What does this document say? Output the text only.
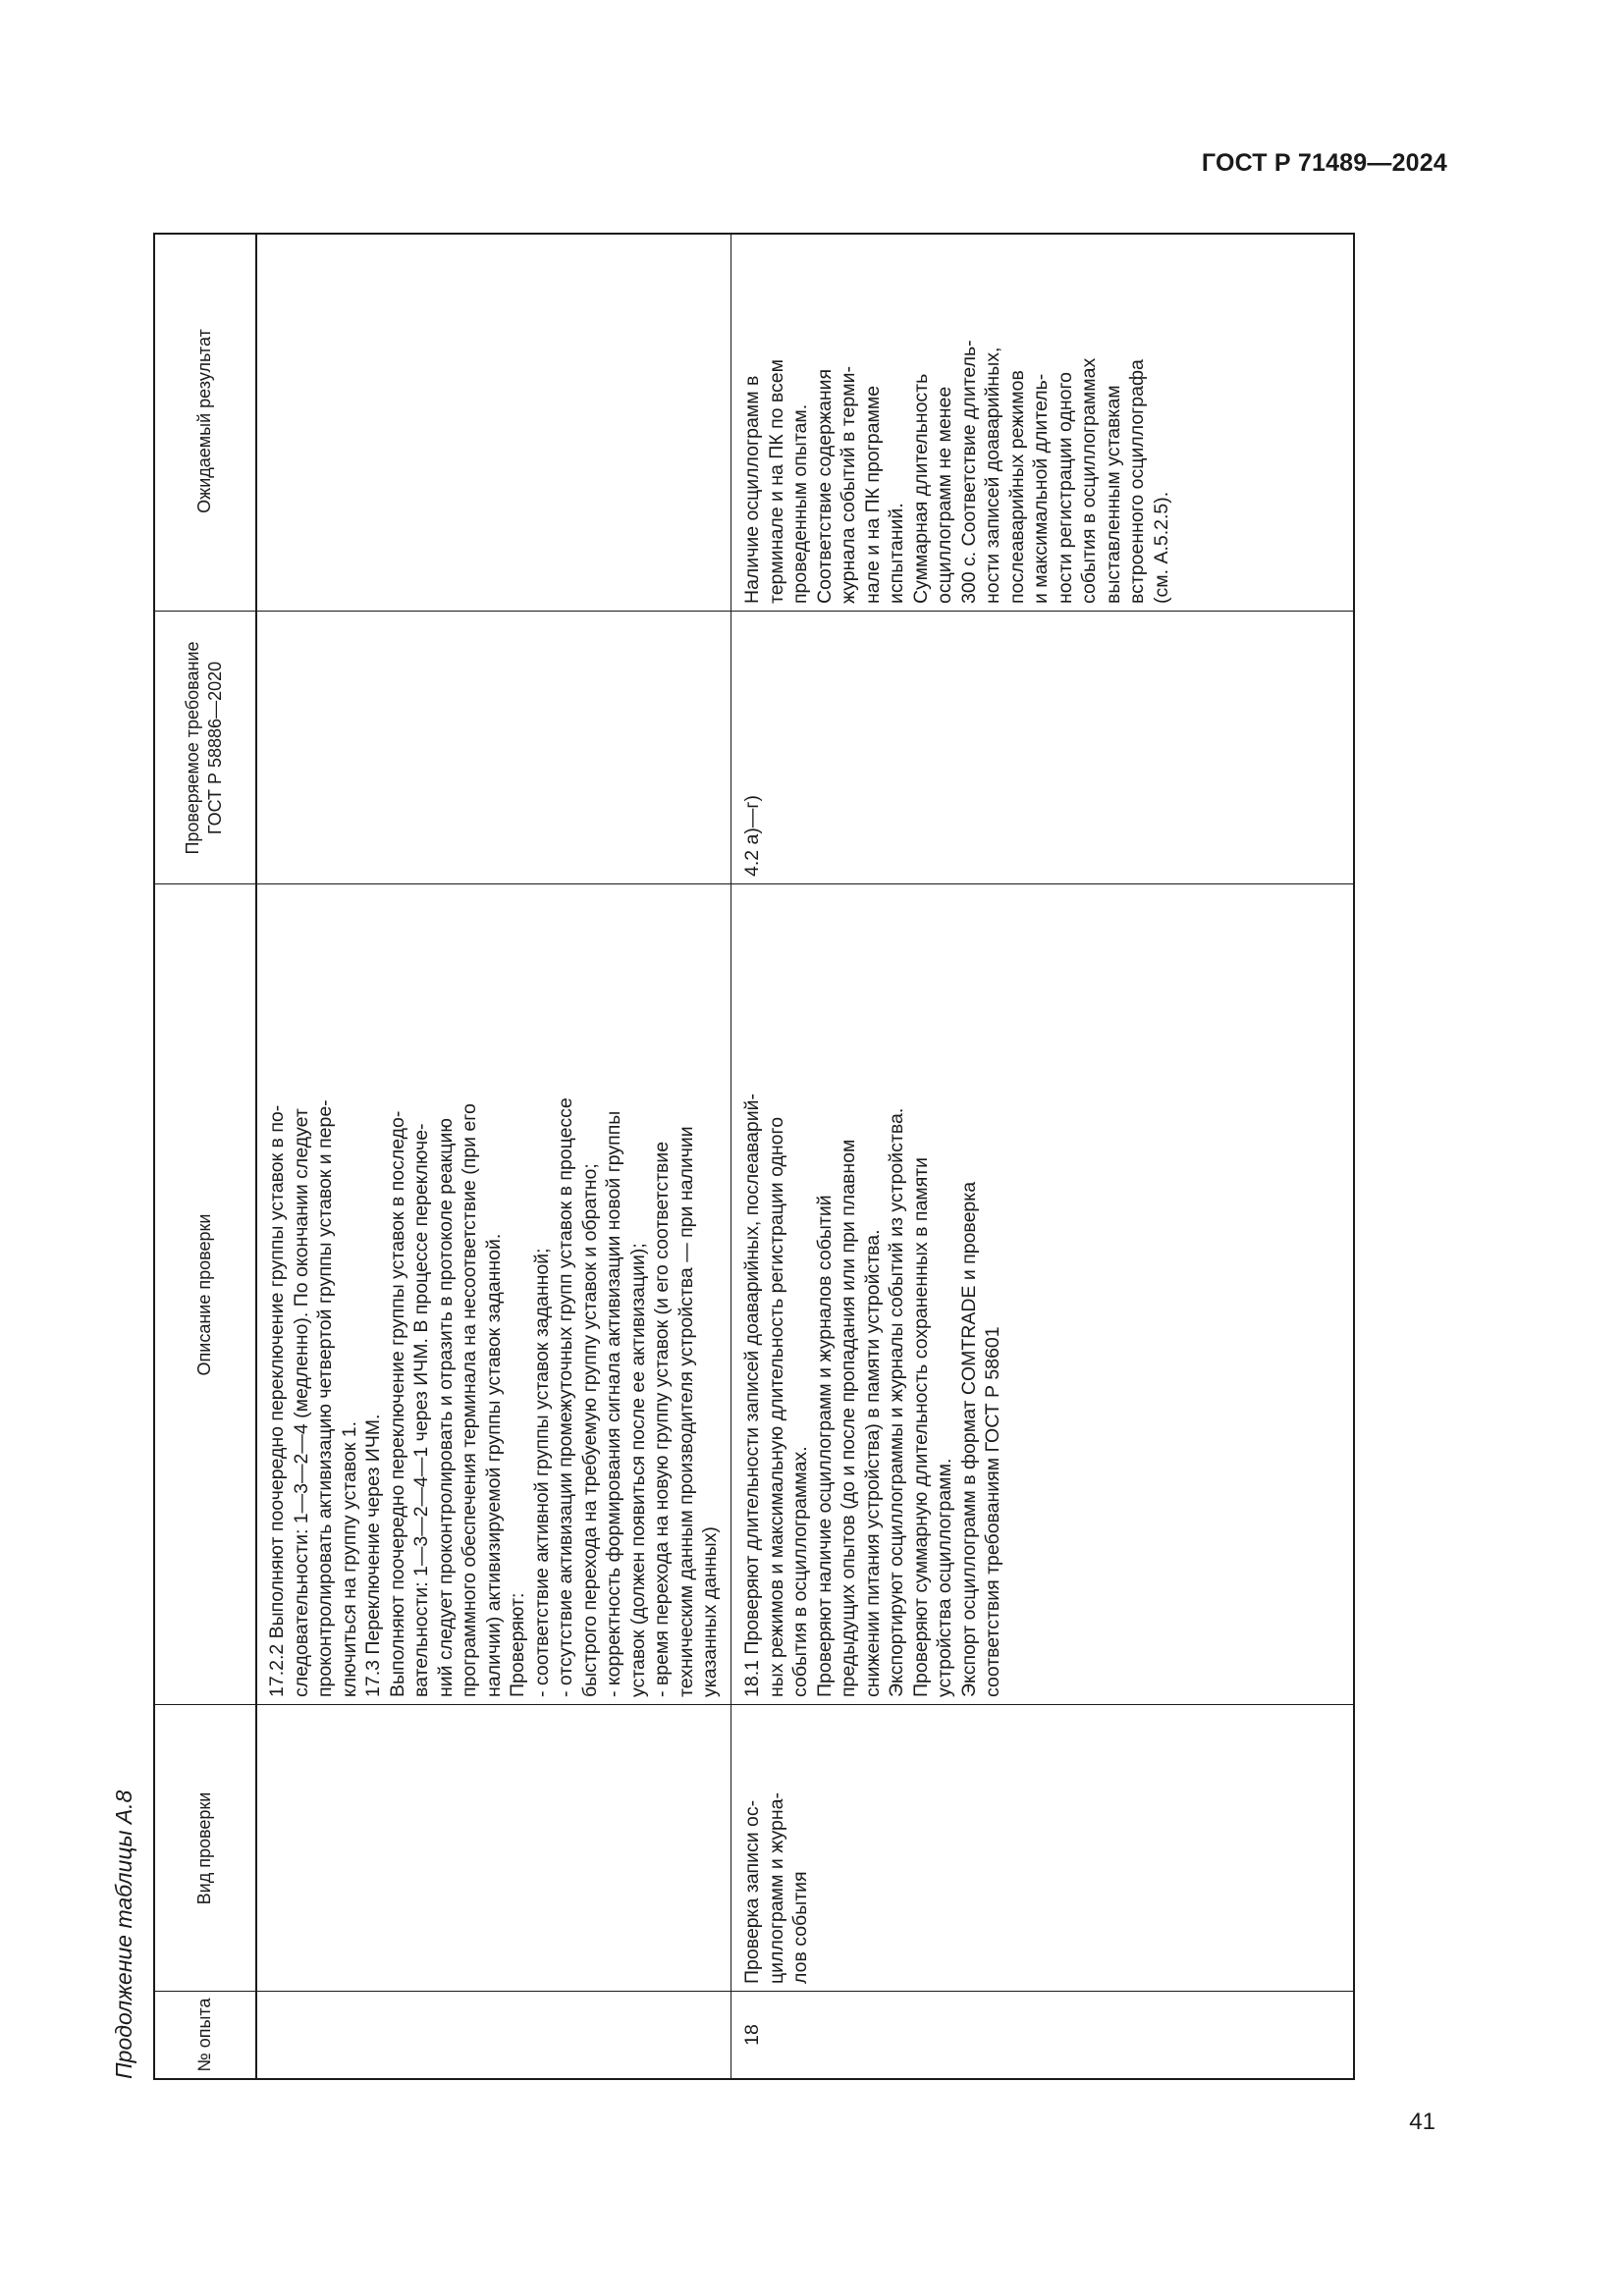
ГОСТ Р 71489—2024
Продолжение таблицы А.8	№ опыта
Вид проверки
Описание проверки
Проверяемое требование ГОСТ Р 58886—2020
Ожидаемый результат
17.2.2 Выполняют поочередно переключение группы уставок в по- следовательности: 1—3—2—4 (медленно). По окончании следует проконтролировать активизацию четвертой группы уставок и пере- ключиться на группу уставок 1. 17.3 Переключение через ИЧМ. Выполняют поочередно переключение группы уставок в последо- вательности: 1—3—2—4—1 через ИЧМ. В процессе переключе- ний следует проконтролировать и отразить в протоколе реакцию программного обеспечения терминала на несоответствие (при его наличии) активизируемой группы уставок заданной. Проверяют: - соответствие активной группы уставок заданной; - отсутствие активизации промежуточных групп уставок в процессе быстрого перехода на требуемую группу уставок и обратно; - корректность формирования сигнала активизации новой группы уставок (должен появиться после ее активизации); - время перехода на новую группу уставок (и его соответствие техническим данным производителя устройства — при наличии указанных данных)
18
Проверка записи ос- циллограмм и журна- лов события
18.1 Проверяют длительности записей доаварийных, послеаварий- ных режимов и максимальную длительность регистрации одного события в осциллограммах. Проверяют наличие осциллограмм и журналов событий предыдущих опытов (до и после пропадания или при плавном снижении питания устройства) в памяти устройства. Экспортируют осциллограммы и журналы событий из устройства. Проверяют суммарную длительность сохраненных в памяти устройства осциллограмм. Экспорт осциллограмм в формат COMTRADE и проверка соответствия требованиям ГОСТ Р 58601
4.2 а)—г)
Наличие осциллограмм в терминале и на ПК по всем проведенным опытам. Соответствие содержания журнала событий в терми- нале и на ПК программе испытаний. Суммарная длительность осциллограмм не менее 300 с. Соответствие длитель- ности записей доаварийных, послеаварийных режимов и максимальной длитель- ности регистрации одного события в осциллограммах выставленным уставкам встроенного осциллографа (см. А.5.2.5).
41
